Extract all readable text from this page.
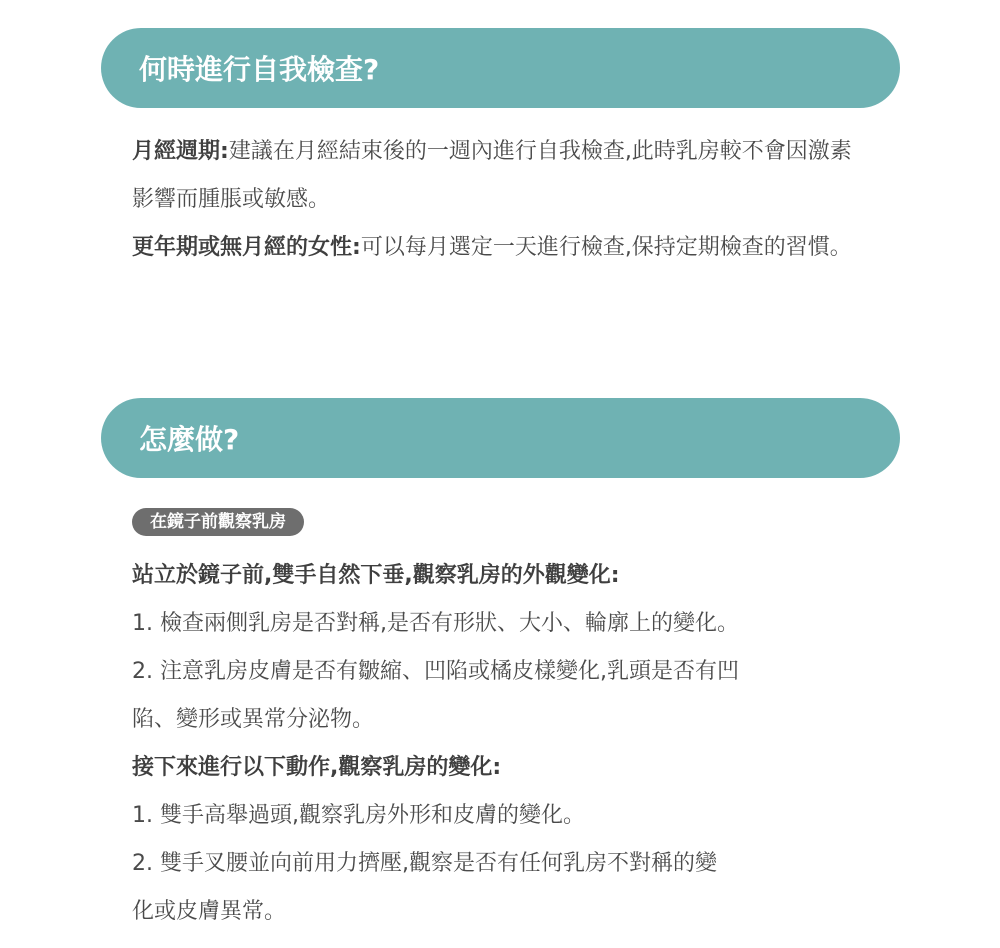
何時進行自我檢查?

月經週期:建議在月經結束後的一週內進行自我檢查,此時乳房較不會因激素影響而腫脹或敏感。

更年期或無月經的女性:可以每月選定一天進行檢查,保持定期檢查的習慣。

怎麼做?
在鏡子前觀察乳房

站立於鏡子前,雙手自然下垂,觀察乳房的外觀變化:

1. 檢查兩側乳房是否對稱,是否有形狀、大小、輪廓上的變化。

2. 注意乳房皮膚是否有皺縮、凹陷或橘皮樣變化,乳頭是否有凹

陷、變形或異常分泌物。

接下來進行以下動作,觀察乳房的變化:

1. 雙手高舉過頭,觀察乳房外形和皮膚的變化。

2. 雙手叉腰並向前用力擠壓,觀察是否有任何乳房不對稱的變

化或皮膚異常。
